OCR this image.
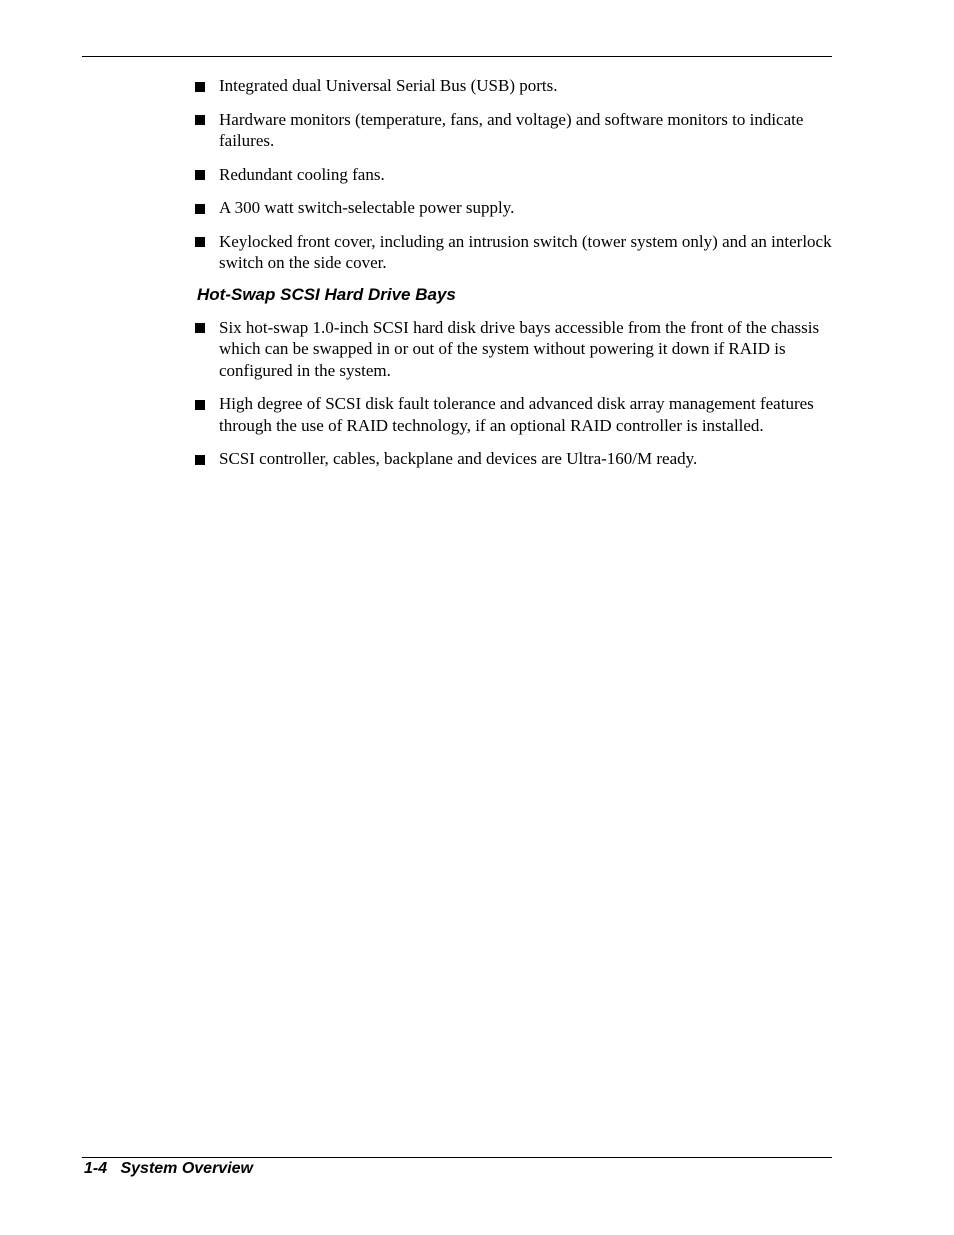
Integrated dual Universal Serial Bus (USB) ports.
Hardware monitors (temperature, fans, and voltage) and software monitors to indicate failures.
Redundant cooling fans.
A 300 watt switch-selectable power supply.
Keylocked front cover, including an intrusion switch (tower system only) and an interlock switch on the side cover.
Hot-Swap SCSI Hard Drive Bays
Six hot-swap 1.0-inch SCSI hard disk drive bays accessible from the front of the chassis which can be swapped in or out of the system without powering it down if RAID is configured in the system.
High degree of SCSI disk fault tolerance and advanced disk array management features through the use of RAID technology, if an optional RAID controller is installed.
SCSI controller, cables, backplane and devices are Ultra-160/M ready.
1-4 System Overview
